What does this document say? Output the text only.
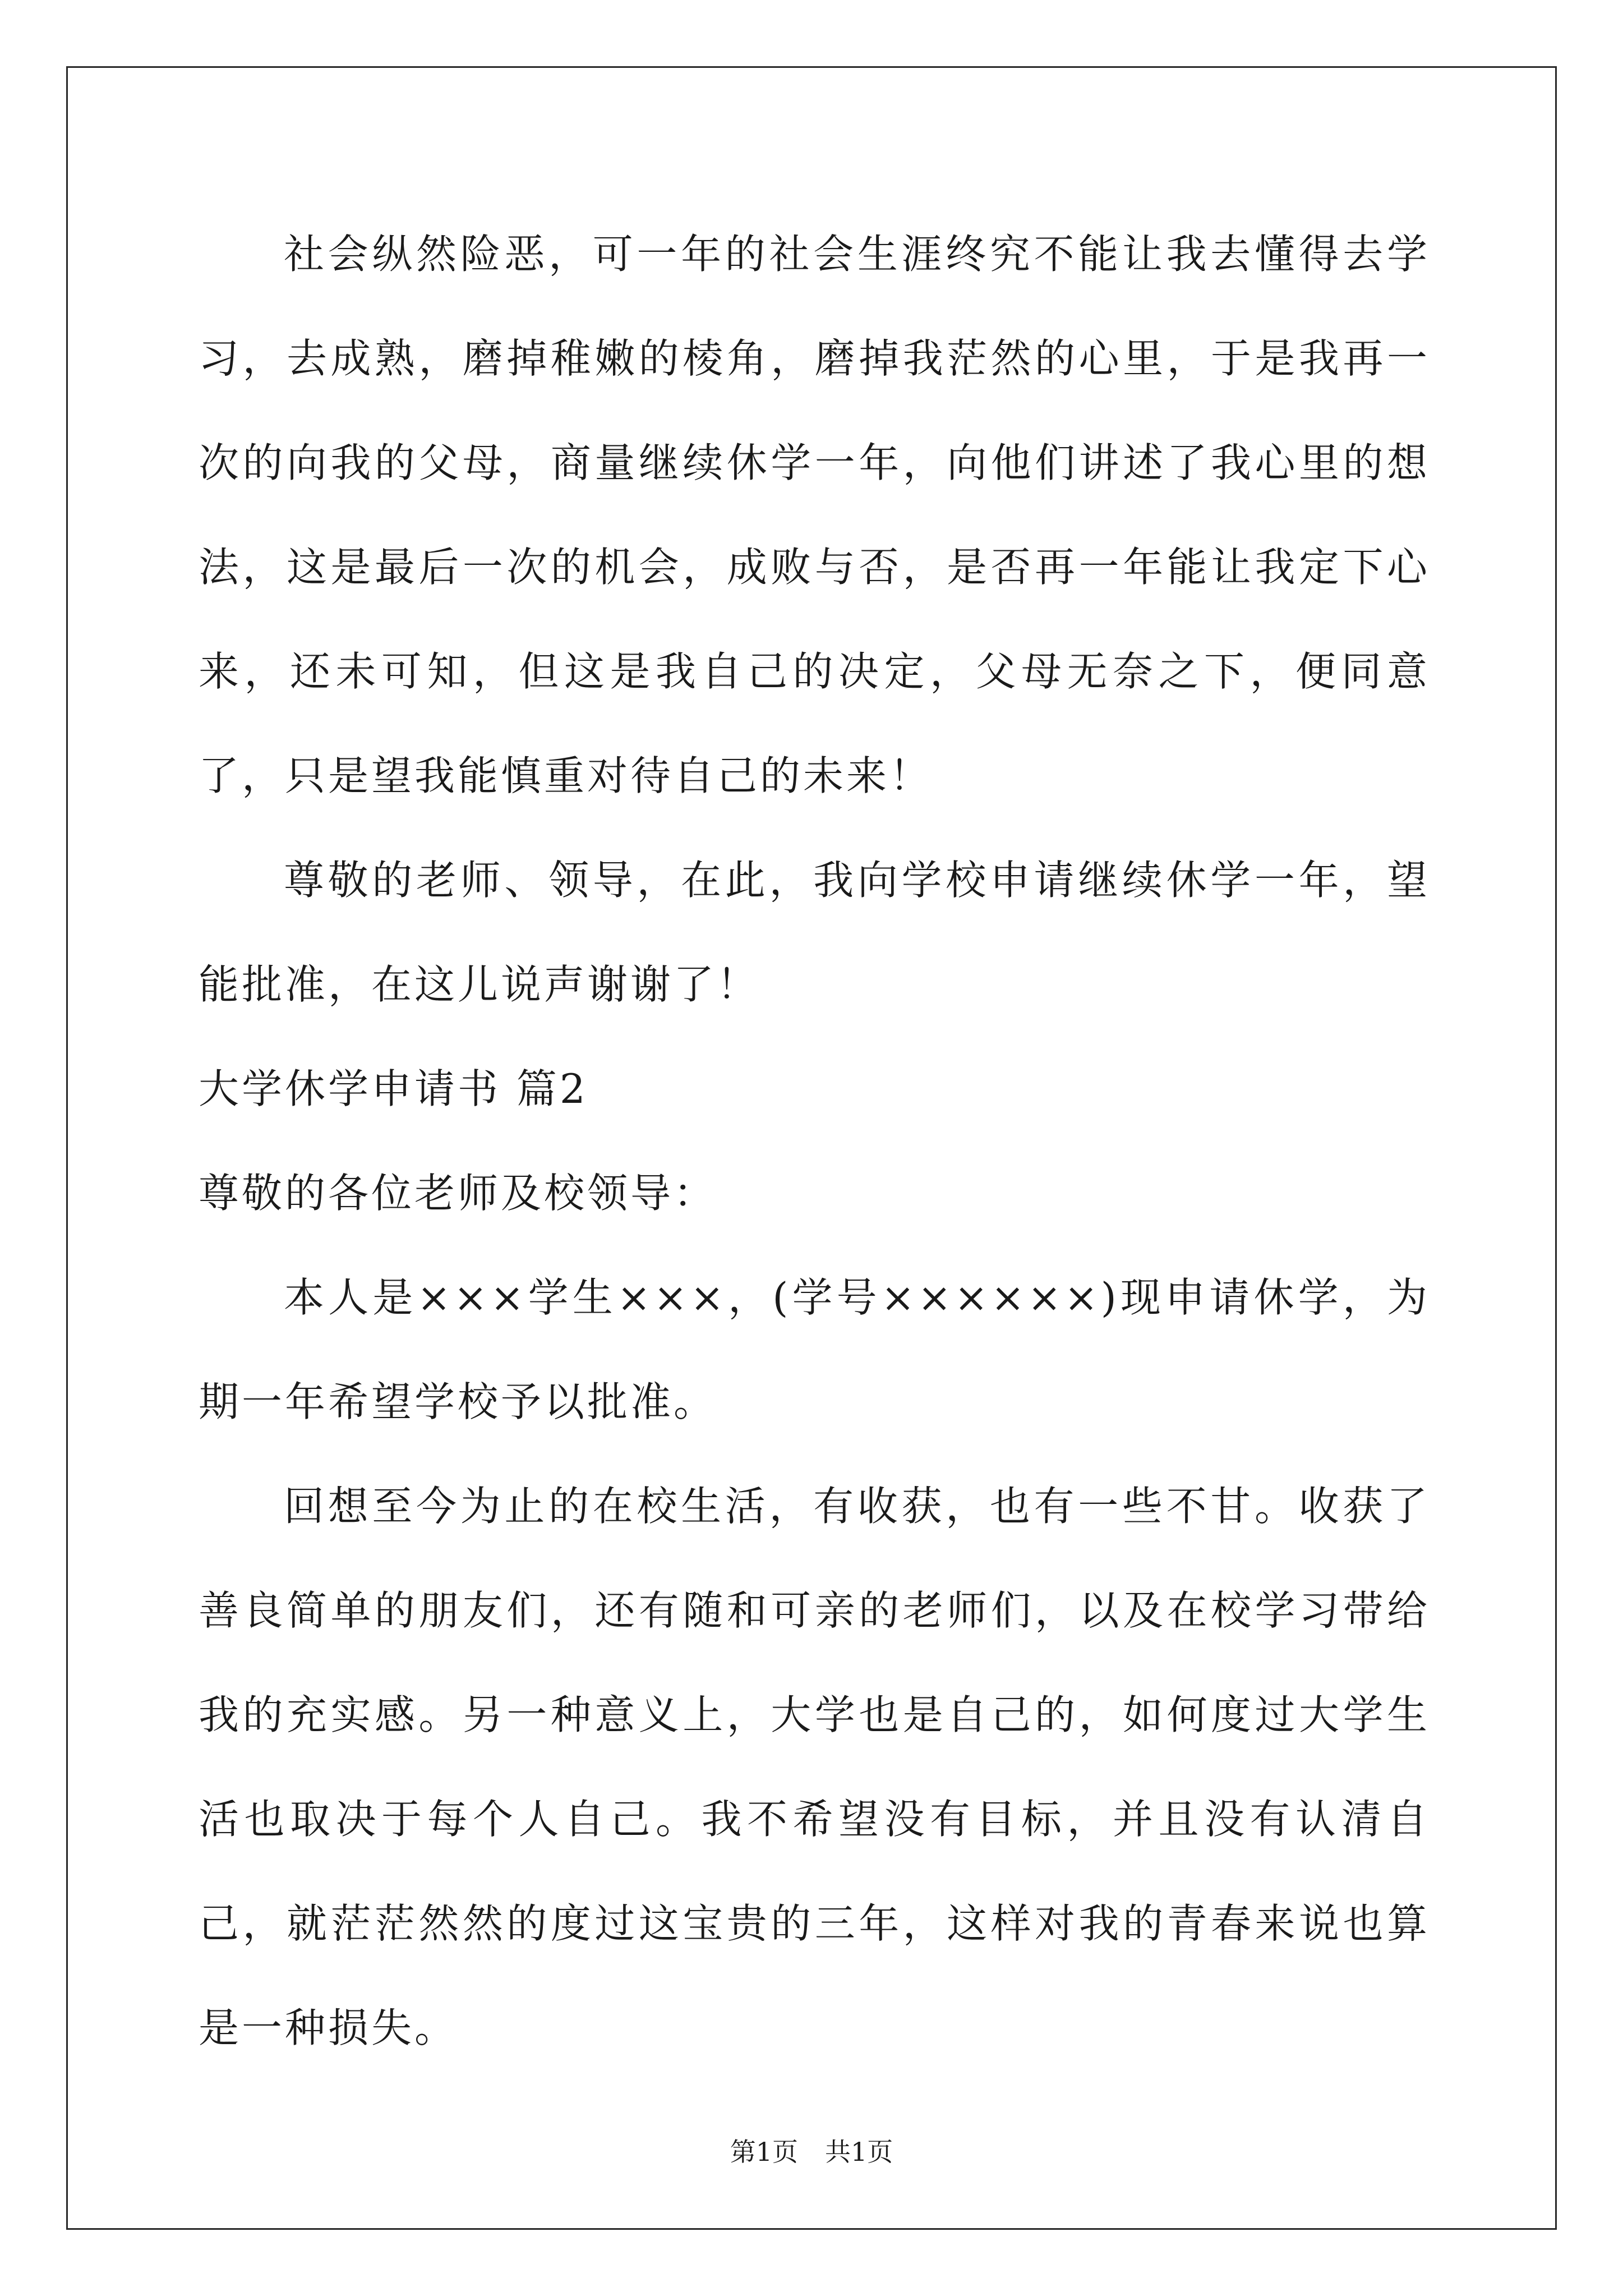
社会纵然险恶，可一年的社会生涯终究不能让我去懂得去学习，去成熟，磨掉稚嫩的棱角，磨掉我茫然的心里，于是我再一次的向我的父母，商量继续休学一年，向他们讲述了我心里的想法，这是最后一次的机会，成败与否，是否再一年能让我定下心来，还未可知，但这是我自己的决定，父母无奈之下，便同意了，只是望我能慎重对待自己的未来！

尊敬的老师、领导，在此，我向学校申请继续休学一年，望能批准，在这儿说声谢谢了！

大学休学申请书 篇2

尊敬的各位老师及校领导：

本人是×××学生×××，(学号××××××)现申请休学，为期一年希望学校予以批准。

回想至今为止的在校生活，有收获，也有一些不甘。收获了善良简单的朋友们，还有随和可亲的老师们，以及在校学习带给我的充实感。另一种意义上，大学也是自己的，如何度过大学生活也取决于每个人自己。我不希望没有目标，并且没有认清自己，就茫茫然然的度过这宝贵的三年，这样对我的青春来说也算是一种损失。

第1页 共1页
